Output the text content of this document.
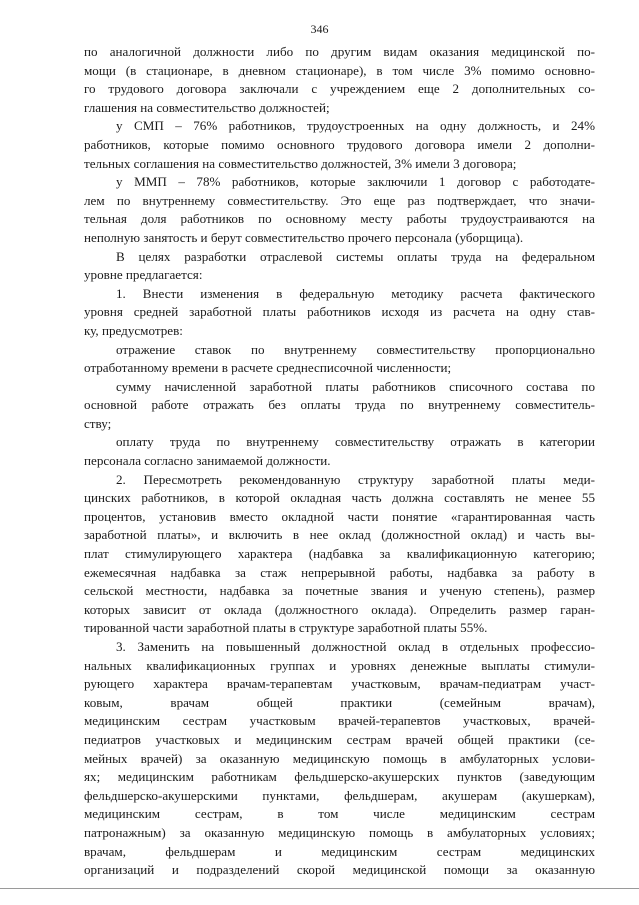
346
по аналогичной должности либо по другим видам оказания медицинской по-
мощи (в стационаре, в дневном стационаре), в том числе 3% помимо основно-
го трудового договора заключали с учреждением еще 2 дополнительных со-
глашения на совместительство должностей;
у СМП – 76% работников, трудоустроенных на одну должность, и 24%
работников, которые помимо основного трудового договора имели 2 дополни-
тельных соглашения на совместительство должностей, 3% имели 3 договора;
у ММП – 78% работников, которые заключили 1 договор с работодате-
лем по внутреннему совместительству. Это еще раз подтверждает, что значи-
тельная доля работников по основному месту работы трудоустраиваются на
неполную занятость и берут совместительство прочего персонала (уборщица).
В целях разработки отраслевой системы оплаты труда на федеральном
уровне предлагается:
1. Внести изменения в федеральную методику расчета фактического
уровня средней заработной платы работников исходя из расчета на одну став-
ку, предусмотрев:
отражение ставок по внутреннему совместительству пропорционально
отработанному времени в расчете среднесписочной численности;
сумму начисленной заработной платы работников списочного состава по
основной работе отражать без оплаты труда по внутреннему совместитель-
ству;
оплату труда по внутреннему совместительству отражать в категории
персонала согласно занимаемой должности.
2. Пересмотреть рекомендованную структуру заработной платы меди-
цинских работников, в которой окладная часть должна составлять не менее 55
процентов, установив вместо окладной части понятие «гарантированная часть
заработной платы», и включить в нее оклад (должностной оклад) и часть вы-
плат стимулирующего характера (надбавка за квалификационную категорию;
ежемесячная надбавка за стаж непрерывной работы, надбавка за работу в
сельской местности, надбавка за почетные звания и ученую степень), размер
которых зависит от оклада (должностного оклада). Определить размер гаран-
тированной части заработной платы в структуре заработной платы 55%.
3. Заменить на повышенный должностной оклад в отдельных профессио-
нальных квалификационных группах и уровнях денежные выплаты стимули-
рующего характера врачам-терапевтам участковым, врачам-педиатрам участ-
ковым, врачам общей практики (семейным врачам),
медицинским сестрам участковым врачей-терапевтов участковых, врачей-
педиатров участковых и медицинским сестрам врачей общей практики (се-
мейных врачей) за оказанную медицинскую помощь в амбулаторных услови-
ях; медицинским работникам фельдшерско-акушерских пунктов (заведующим
фельдшерско-акушерскими пунктами, фельдшерам, акушерам (акушеркам),
медицинским сестрам, в том числе медицинским сестрам
патронажным) за оказанную медицинскую помощь в амбулаторных условиях;
врачам, фельдшерам и медицинским сестрам медицинских
организаций и подразделений скорой медицинской помощи за оказанную
